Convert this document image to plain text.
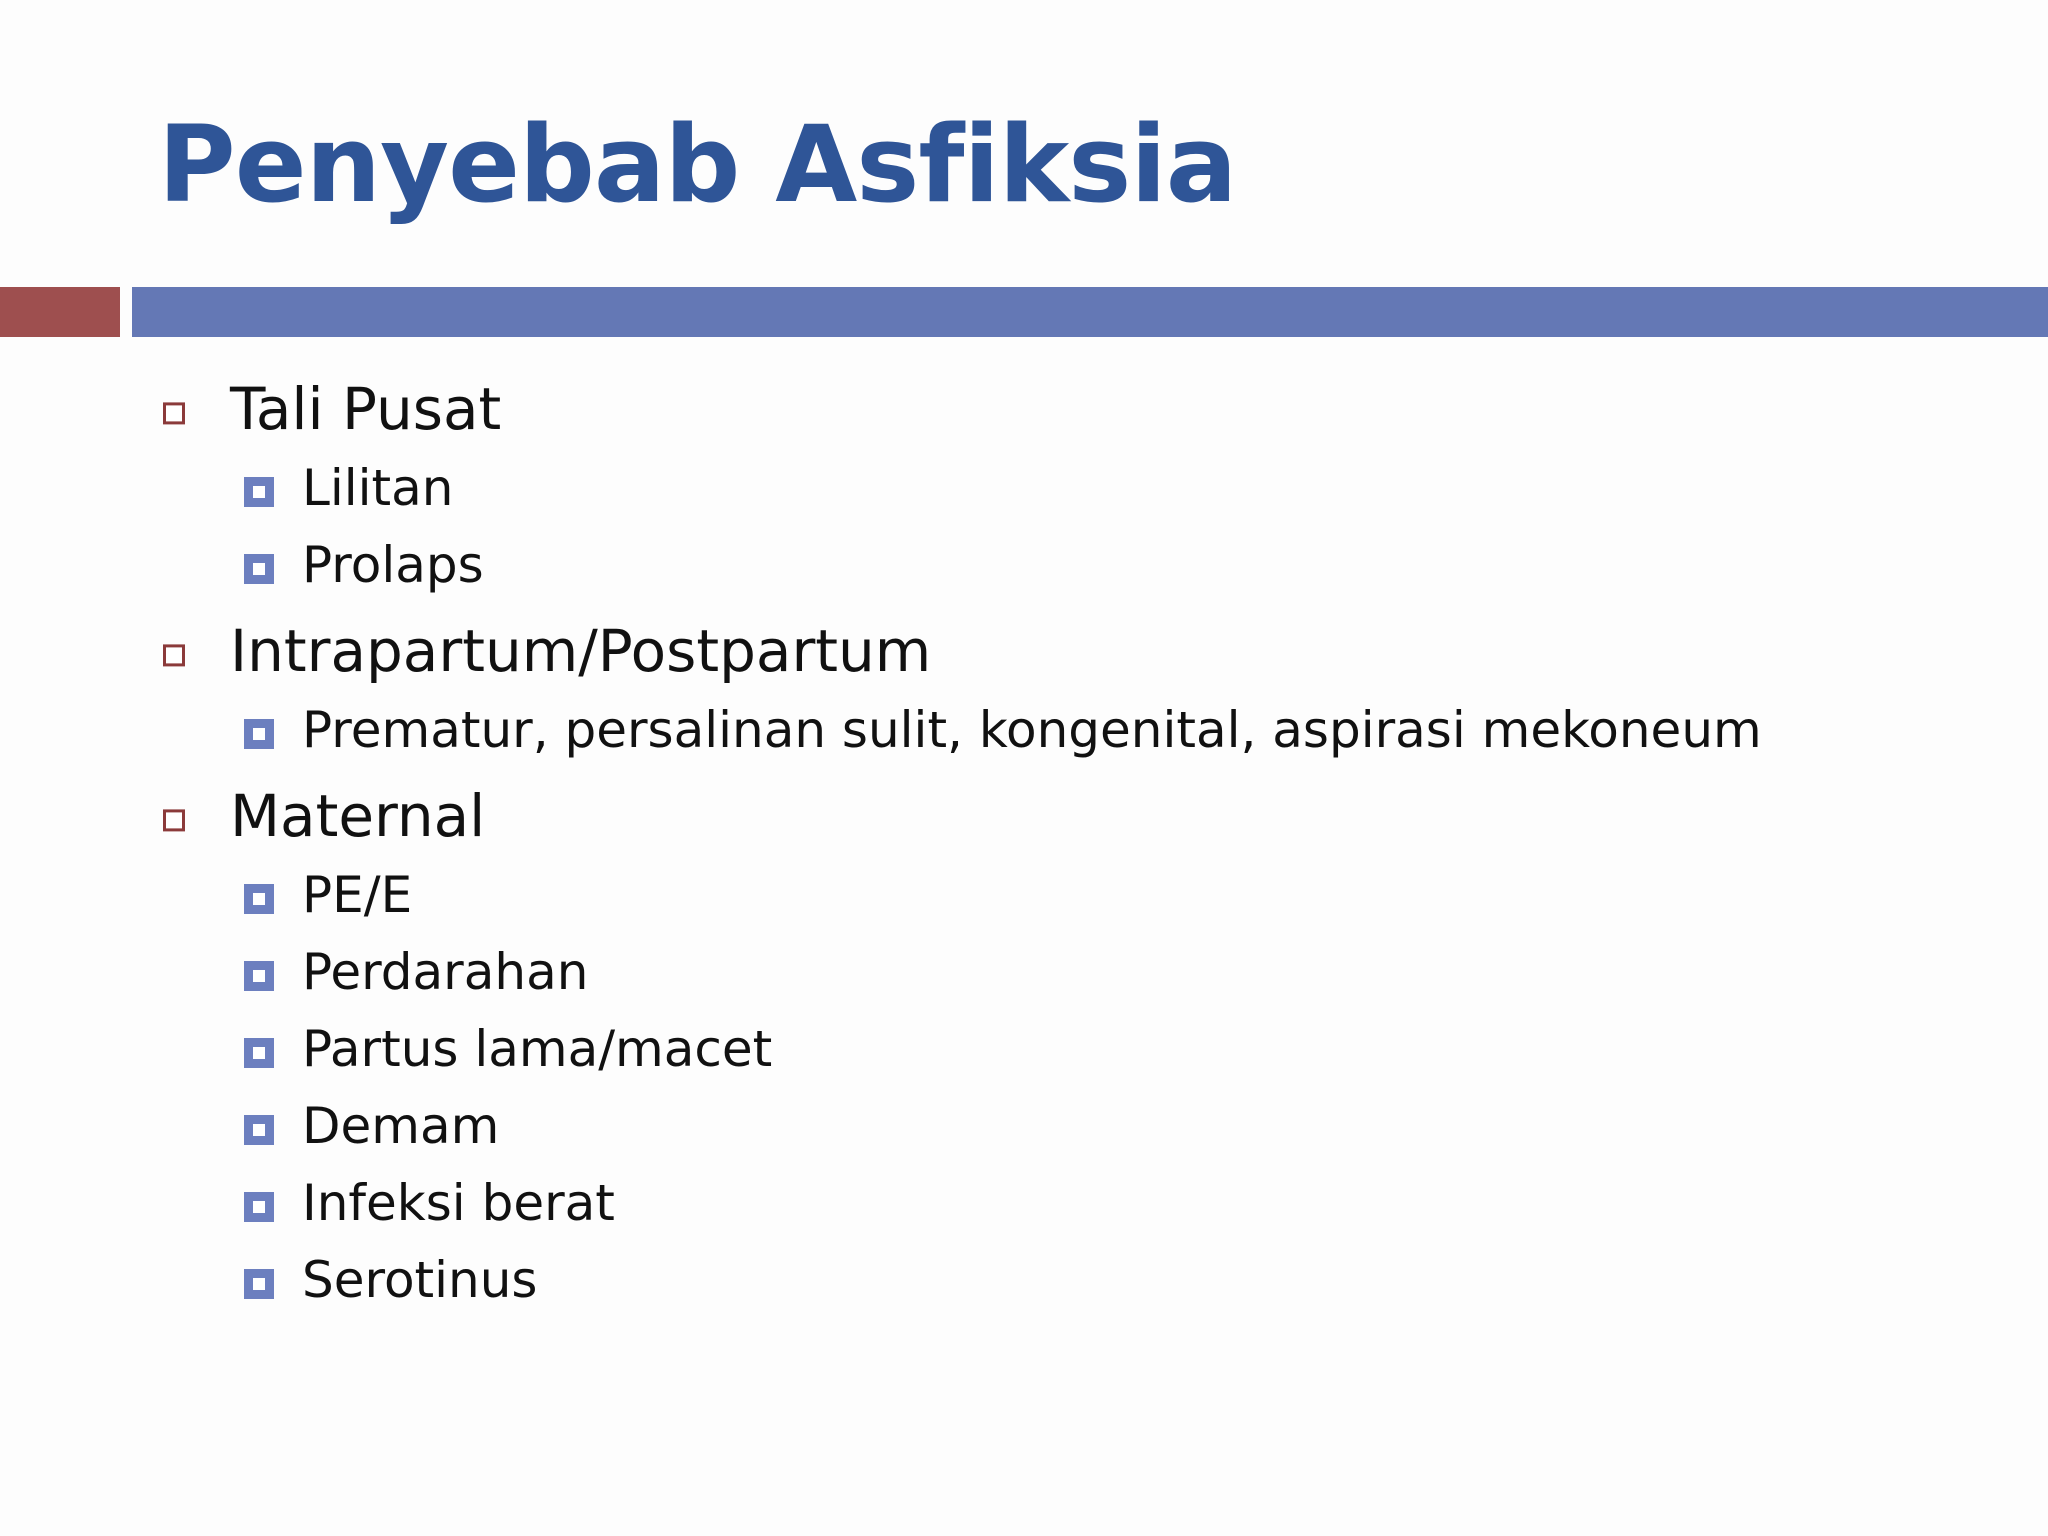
Penyebab Asfiksia
Tali Pusat
Lilitan
Prolaps
Intrapartum/Postpartum
Prematur, persalinan sulit, kongenital, aspirasi mekoneum
Maternal
PE/E
Perdarahan
Partus lama/macet
Demam
Infeksi berat
Serotinus
